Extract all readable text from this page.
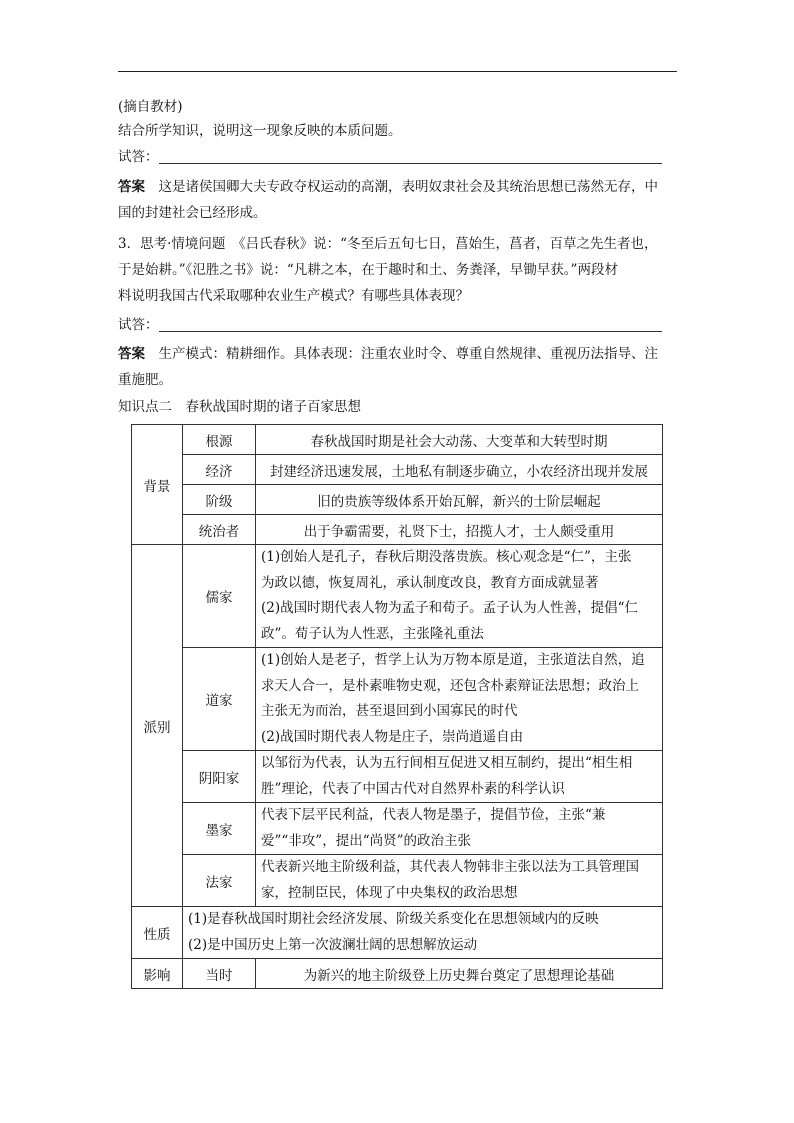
(摘自教材)

结合所学知识，说明这一现象反映的本质问题。

试答：

答案　 这是诸侯国卿大夫专政夺权运动的高潮，表明奴隶社会及其统治思想已荡然无存，中
国的封建社会已经形成。

3．思考·情境问题　《吕氏春秋》说：“冬至后五旬七日，菖始生，菖者，百草之先生者也，
于是始耕。”《氾胜之书》说：“凡耕之本，在于趣时和土、务粪泽，早锄早获。”两段材
料说明我国古代采取哪种农业生产模式？有哪些具体表现？

试答：

答案　 生产模式：精耕细作。具体表现：注重农业时令、尊重自然规律、重视历法指导、注
重施肥。

知识点二　春秋战国时期的诸子百家思想

背景	根源	春秋战国时期是社会大动荡、大变革和大转型时期
	经济	封建经济迅速发展，土地私有制逐步确立，小农经济出现并发展
	阶级	旧的贵族等级体系开始瓦解，新兴的士阶层崛起
	统治者	出于争霸需要，礼贤下士，招揽人才，士人颇受重用
派别	儒家	(1)创始人是孔子，春秋后期没落贵族。核心观念是“仁”，主张
为政以德，恢复周礼，承认制度改良，教育方面成就显著
(2)战国时期代表人物为孟子和荀子。孟子认为人性善，提倡“仁
政”。荀子认为人性恶，主张隆礼重法
	道家	(1)创始人是老子，哲学上认为万物本原是道，主张道法自然，追
求天人合一，是朴素唯物史观，还包含朴素辩证法思想；政治上
主张无为而治，甚至退回到小国寡民的时代
(2)战国时期代表人物是庄子，崇尚逍遥自由
	阴阳家	以邹衍为代表，认为五行间相互促进又相互制约，提出“相生相
胜”理论，代表了中国古代对自然界朴素的科学认识
	墨家	代表下层平民利益，代表人物是墨子，提倡节俭，主张“兼
爱”“非攻”，提出“尚贤”的政治主张
	法家	代表新兴地主阶级利益，其代表人物韩非主张以法为工具管理国
家，控制臣民，体现了中央集权的政治思想
性质	(1)是春秋战国时期社会经济发展、阶级关系变化在思想领域内的反映
(2)是中国历史上第一次波澜壮阔的思想解放运动	
影响	当时	为新兴的地主阶级登上历史舞台奠定了思想理论基础
